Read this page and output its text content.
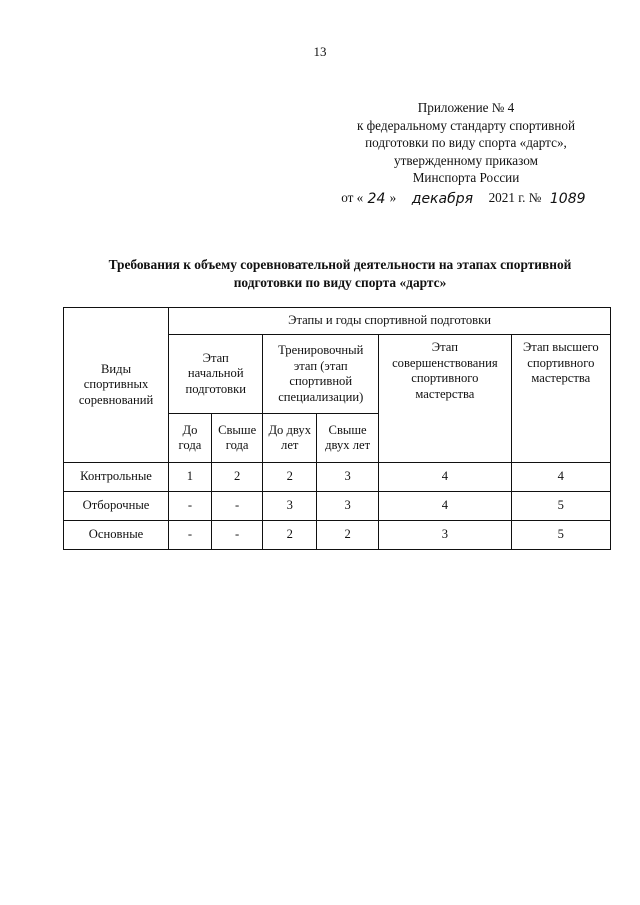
13
Приложение № 4
к федеральному стандарту спортивной
подготовки по виду спорта «дартс»,
утвержденному приказом
Минспорта России
от « 24 »	декабря	2021 г. № 1089
Требования к объему соревновательной деятельности на этапах спортивной
подготовки по виду спорта «дартс»
Виды спортивных соревнований	Этапы и годы спортивной подготовки					

	Этап начальной подготовки		Тренировочный этап (этап спортивной специализации)		Этап совершенствования спортивного мастерства	Этап высшего спортивного мастерства

	До года	Свыше года	До двух лет	Свыше двух лет		
Контрольные	1	2	2	3	4	4
Отборочные	-	-	3	3	4	5
Основные	-	-	2	2	3	5
